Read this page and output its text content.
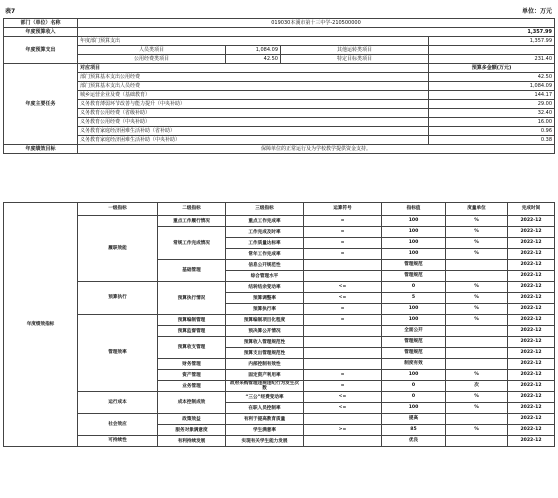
表7	单位：万元
部门（单位）名称	019030本溪市第十三中学-210500000			
年度预算收入	1,357.99			
年度预算支出	年度部门预算支出			1,357.99
	人员类项目	1,084.09	其他运转类项目	
	公用经费类项目	42.50	特定目标类项目	231.40
年度主要任务	对应项目			预算多金额(万元)
	部门预算基本支出公用经费			42.50
	部门预算基本支出人员经费			1,084.09
	城乡运营企业及费（基础教育）			144.17
	义务教育薄弱环节改善与能力提升（中央补助）			29.00
	义务教育公用经费（省级补助）			32.40
	义务教育公用经费（中央补助）			16.00
	义务教育家庭经济困难生活补助（省补助）			0.96
	义务教育家庭经济困难生活补助（中央补助）			0.38
年度绩效目标	保障单位的正常运行及为学校教学提供资金支持。			
年度绩效指标	一级指标	二级指标	三级指标	运算符号	指标值	度量单位	完成时间
	履职效能	重点工作履行情况	重点工作完成率	=	100	%	2022-12
		常规工作完成情况	工作完成及时率	=	100	%	2022-12
			工作质量达标率	=	100	%	2022-12
			常年工作完成率	=	100	%	2022-12
		基础管理	信息公开规范性		管理规范		2022-12
			综合管理水平		管理规范		2022-12
	预算执行	预算执行情况	结转结余变动率	<=	0	%	2022-12
			预算调整率	<=	5	%	2022-12
			预算执行率	=	100	%	2022-12
	管理效率	预算编制管理	预算编制项目化程度	=	100	%	2022-12
		预算监督管理	预决算公开情况		全面公开		2022-12
		预算收支管理	预算收入管理规范性		管理规范		2022-12
			预算支出管理规范性		管理规范		2022-12
		财务管理	内部控制有效性		制度有效		2022-12
		资产管理	固定资产利用率	=	100	%	2022-12
		业务管理	政府采购管理违规违纪行为发生次数	=	0	次	2022-12
	运行成本	成本控制成效	“三公”经费变动率	<=	0	%	2022-12
			在职人员控制率	<=	100	%	2022-12
	社会效应	政策效益	有利于提高教育质量		提高		2022-12
		服务对象满意度	学生满意率	>=	85	%	2022-12
	可持续性	有利持续发展	实现有关学生能力发展		优良		2022-12
